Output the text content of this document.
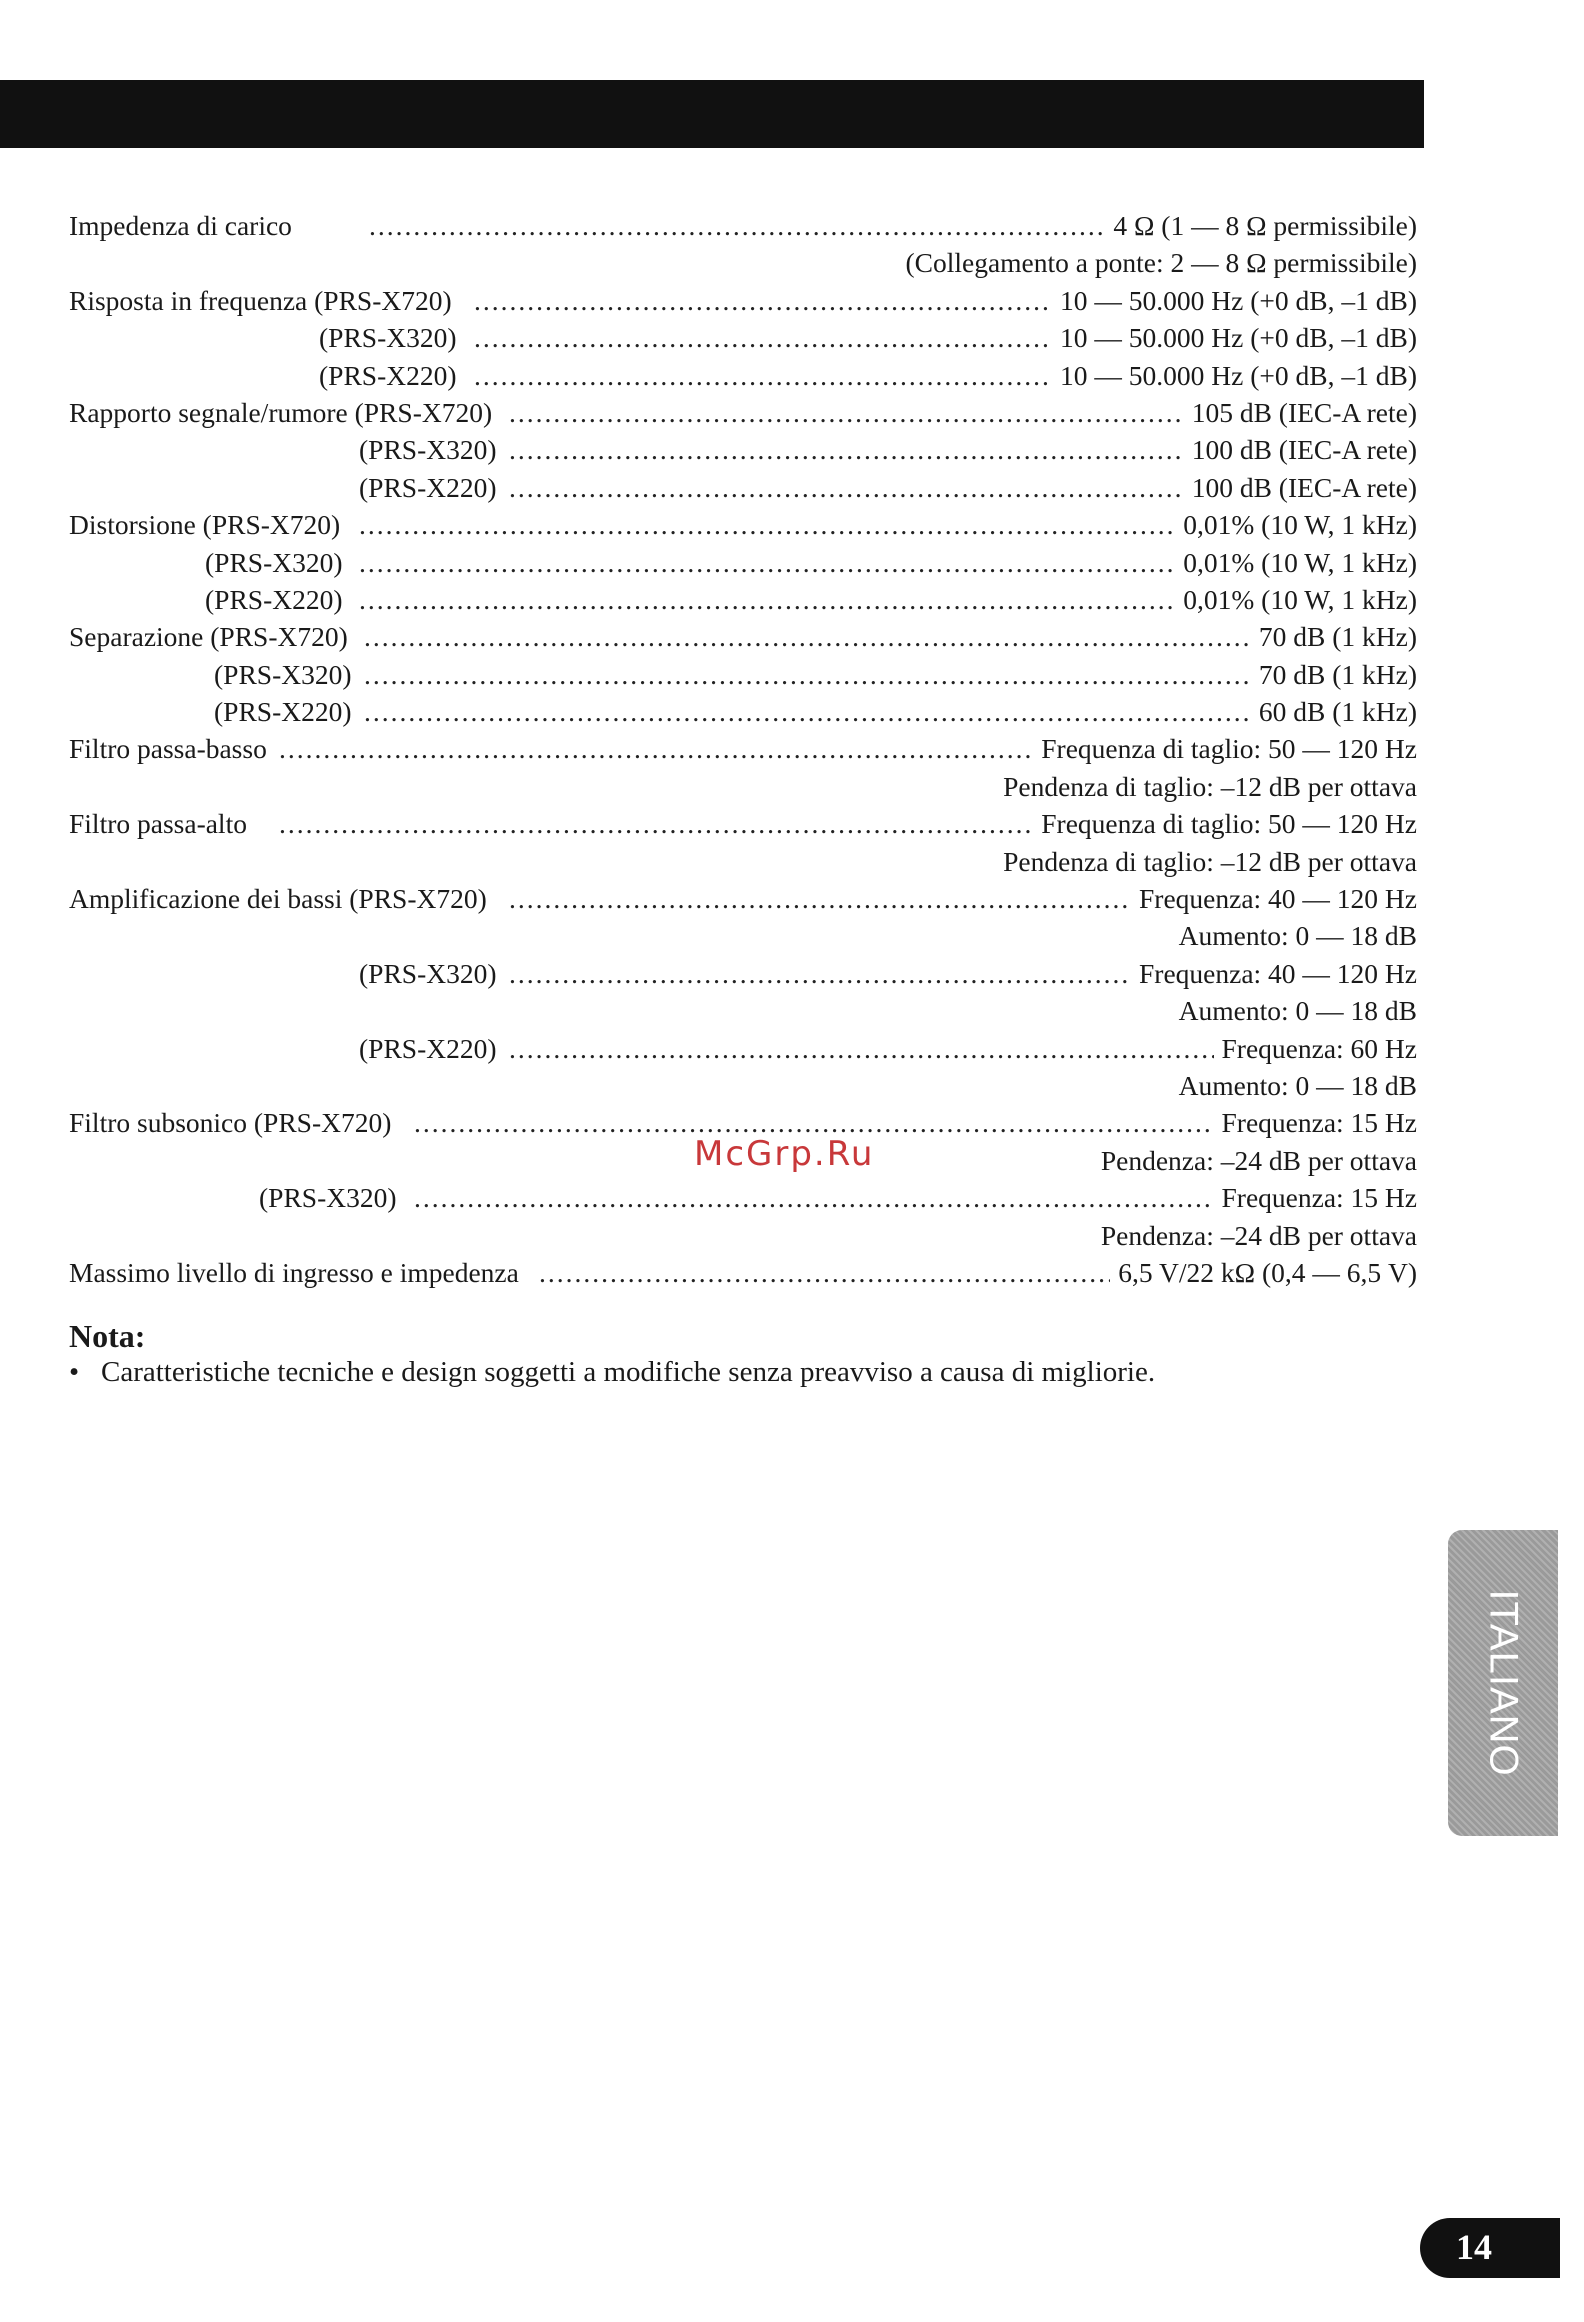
.....
Impedenza di carico	4 Ω (1 — 8 Ω permissibile)
(Collegamento a ponte: 2 — 8 Ω permissibile)
.....
Risposta in frequenza (PRS-X720)	10 — 50.000 Hz (+0 dB, –1 dB)
.....
(PRS-X320)	10 — 50.000 Hz (+0 dB, –1 dB)
.....
(PRS-X220)	10 — 50.000 Hz (+0 dB, –1 dB)
.....
Rapporto segnale/rumore (PRS-X720)	105 dB (IEC-A rete)
.....
(PRS-X320)	100 dB (IEC-A rete)
.....
(PRS-X220)	100 dB (IEC-A rete)
.....
Distorsione (PRS-X720)	0,01% (10 W, 1 kHz)
.....
(PRS-X320)	0,01% (10 W, 1 kHz)
.....
(PRS-X220)	0,01% (10 W, 1 kHz)
.....
Separazione (PRS-X720)	70 dB (1 kHz)
.....
(PRS-X320)	70 dB (1 kHz)
.....
(PRS-X220)	60 dB (1 kHz)
.....
Filtro passa-basso	Frequenza di taglio: 50 — 120 Hz
Pendenza di taglio: –12 dB per ottava
.....
Filtro passa-alto	Frequenza di taglio: 50 — 120 Hz
Pendenza di taglio: –12 dB per ottava
.....
Amplificazione dei bassi (PRS-X720)	Frequenza: 40 — 120 Hz
Aumento: 0 — 18 dB
.....
(PRS-X320)	Frequenza: 40 — 120 Hz
Aumento: 0 — 18 dB
.....
(PRS-X220)	Frequenza: 60 Hz
Aumento: 0 — 18 dB
.....
Filtro subsonico (PRS-X720)	Frequenza: 15 Hz
Pendenza: –24 dB per ottava
.....
(PRS-X320)	Frequenza: 15 Hz
Pendenza: –24 dB per ottava
.....
Massimo livello di ingresso e impedenza	6,5 V/22 kΩ (0,4 — 6,5 V)
McGrp.Ru
Nota:
• Caratteristiche tecniche e design soggetti a modifiche senza preavviso a causa di migliorie.
ITALIANO
14
